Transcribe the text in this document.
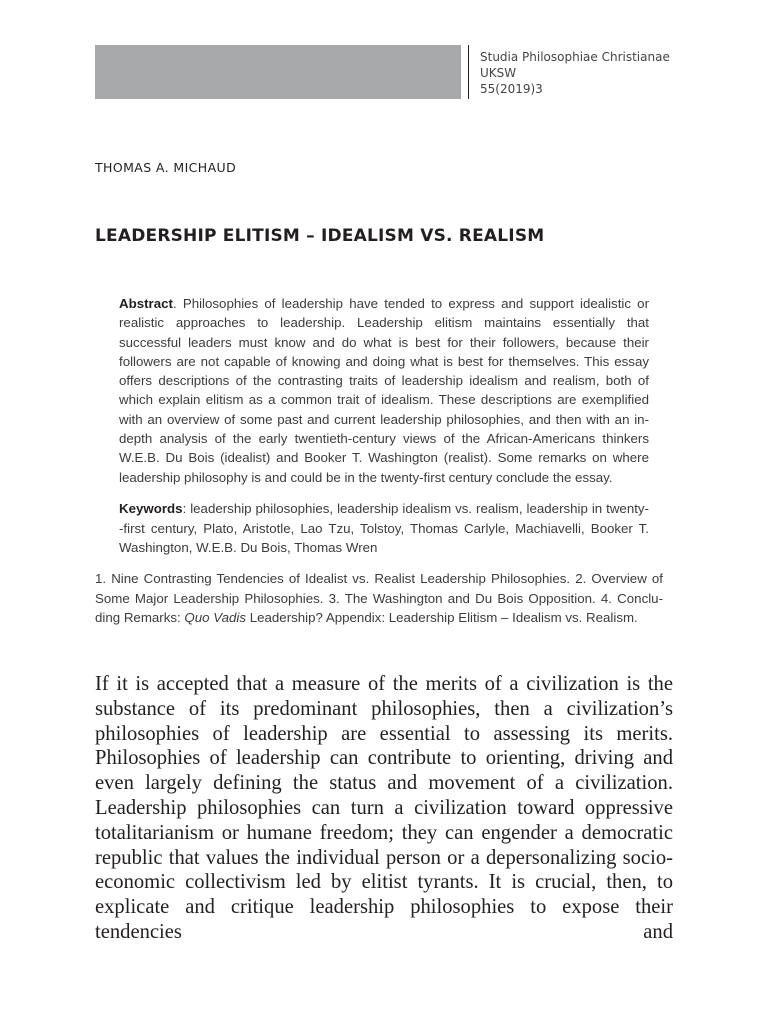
Studia Philosophiae Christianae
UKSW
55(2019)3
THOMAS A. MICHAUD
LEADERSHIP ELITISM – IDEALISM VS. REALISM
Abstract. Philosophies of leadership have tended to express and support idealistic or realistic approaches to leadership. Leadership elitism maintains essentially that successful leaders must know and do what is best for their followers, because their followers are not capable of knowing and doing what is best for themselves. This essay offers descriptions of the contrasting traits of leadership idealism and realism, both of which explain elitism as a common trait of idealism. These descriptions are exemplified with an overview of some past and current leadership philosophies, and then with an in-depth analysis of the early twentieth-century views of the African-Americans thinkers W.E.B. Du Bois (idealist) and Booker T. Washington (realist). Some remarks on where leadership philosophy is and could be in the twenty-first century conclude the essay.
Keywords: leadership philosophies, leadership idealism vs. realism, leadership in twenty--first century, Plato, Aristotle, Lao Tzu, Tolstoy, Thomas Carlyle, Machiavelli, Booker T. Washington, W.E.B. Du Bois, Thomas Wren
1. Nine Contrasting Tendencies of Idealist vs. Realist Leadership Philosophies. 2. Overview of Some Major Leadership Philosophies. 3. The Washington and Du Bois Opposition. 4. Concluding Remarks: Quo Vadis Leadership? Appendix: Leadership Elitism – Idealism vs. Realism.
If it is accepted that a measure of the merits of a civilization is the substance of its predominant philosophies, then a civilization’s philosophies of leadership are essential to assessing its merits. Philosophies of leadership can contribute to orienting, driving and even largely defining the status and movement of a civilization. Leadership philosophies can turn a civilization toward oppressive totalitarianism or humane freedom; they can engender a democratic republic that values the individual person or a depersonalizing socio-economic collectivism led by elitist tyrants. It is crucial, then, to explicate and critique leadership philosophies to expose their tendencies and
